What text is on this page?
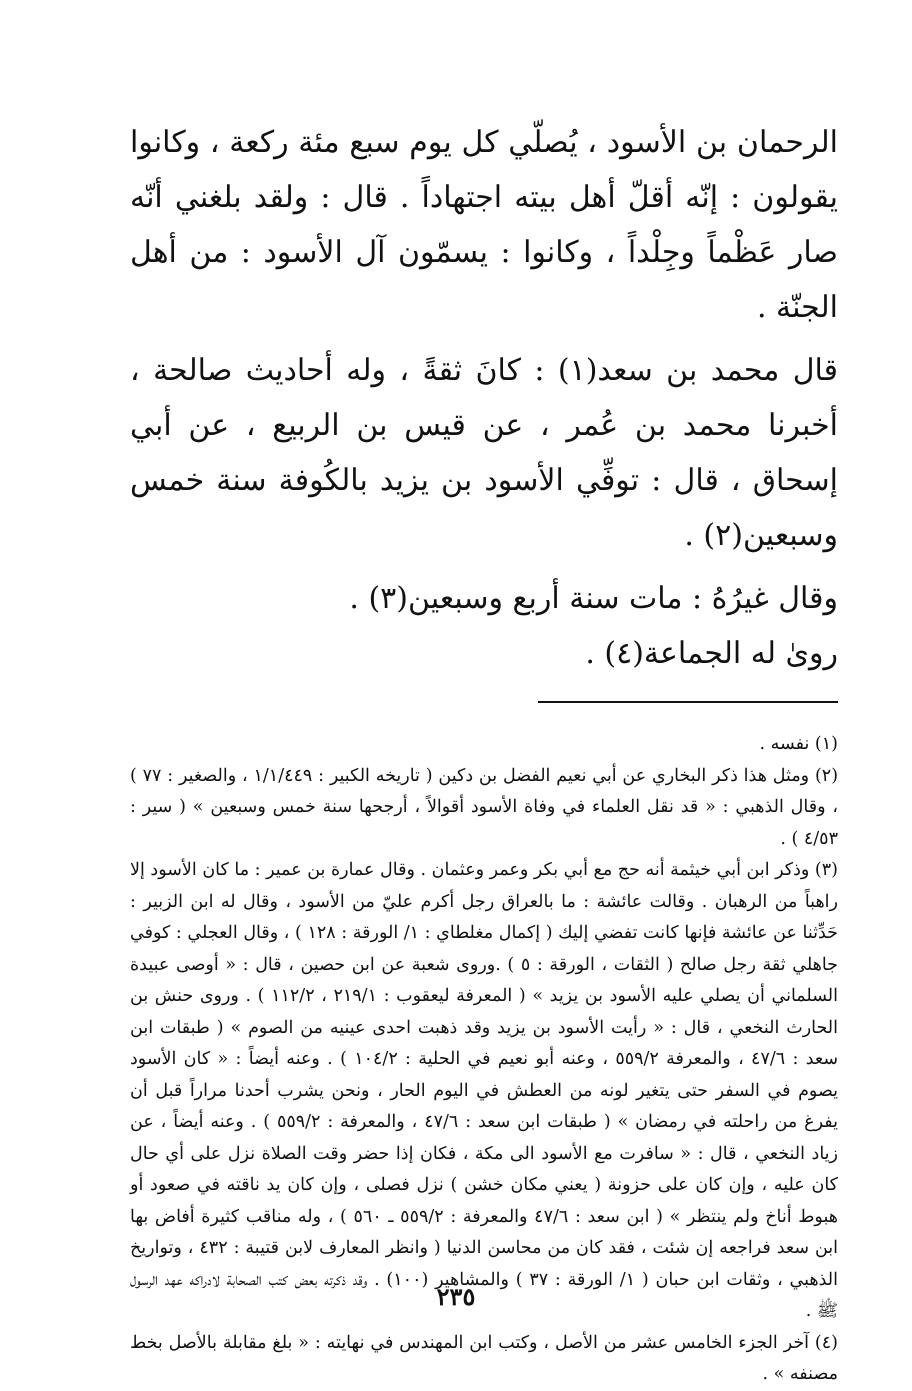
الرحمان بن الأسود ، يُصلّي كل يوم سبع مئة ركعة ، وكانوا يقولون : إنّه أقلّ أهل بيته اجتهاداً . قال : ولقد بلغني أنّه صار عَظْماً وجِلْداً ، وكانوا : يسمّون آل الأسود : من أهل الجنّة .

قال محمد بن سعد(١) : كانَ ثقةً ، وله أحاديث صالحة ، أخبرنا محمد بن عُمر ، عن قيس بن الربيع ، عن أبي إسحاق ، قال : توفِّي الأسود بن يزيد بالكُوفة سنة خمس وسبعين(٢) .

وقال غيرُهُ : مات سنة أربع وسبعين(٣) .

روىٰ له الجماعة(٤) .

(١) نفسه .

(٢) ومثل هذا ذكر البخاري عن أبي نعيم الفضل بن دكين ( تاريخه الكبير : ١/١/٤٤٩ ، والصغير : ٧٧ ) ، وقال الذهبي : « قد نقل العلماء في وفاة الأسود أقوالاً ، أرجحها سنة خمس وسبعين » ( سير : ٤/٥٣ ) .

(٣) وذكر ابن أبي خيثمة أنه حج مع أبي بكر وعمر وعثمان . وقال عمارة بن عمير : ما كان الأسود إلا راهباً من الرهبان . وقالت عائشة : ما بالعراق رجل أكرم عليّ من الأسود ، وقال له ابن الزبير : حَدِّثنا عن عائشة فإنها كانت تفضي إليك ( إكمال مغلطاي : ١/ الورقة : ١٢٨ ) ، وقال العجلي : كوفي جاهلي ثقة رجل صالح ( الثقات ، الورقة : ٥ ) .وروى شعبة عن ابن حصين ، قال : « أوصى عبيدة السلماني أن يصلي عليه الأسود بن يزيد » ( المعرفة ليعقوب : ٢١٩/١ ، ١١٢/٢ ) . وروى حنش بن الحارث النخعي ، قال : « رأيت الأسود بن يزيد وقد ذهبت احدى عينيه من الصوم » ( طبقات ابن سعد : ٤٧/٦ ، والمعرفة ٥٥٩/٢ ، وعنه أبو نعيم في الحلية : ١٠٤/٢ ) . وعنه أيضاً : « كان الأسود يصوم في السفر حتى يتغير لونه من العطش في اليوم الحار ، ونحن يشرب أحدنا مراراً قبل أن يفرغ من راحلته في رمضان » ( طبقات ابن سعد : ٤٧/٦ ، والمعرفة : ٥٥٩/٢ ) . وعنه أيضاً ، عن زياد النخعي ، قال : « سافرت مع الأسود الى مكة ، فكان إذا حضر وقت الصلاة نزل على أي حال كان عليه ، وإن كان على حزونة ( يعني مكان خشن ) نزل فصلى ، وإن كان يد ناقته في صعود أو هبوط أناخ ولم ينتظر » ( ابن سعد : ٤٧/٦ والمعرفة : ٥٥٩/٢ ـ ٥٦٠ ) ، وله مناقب كثيرة أفاض بها ابن سعد فراجعه إن شئت ، فقد كان من محاسن الدنيا ( وانظر المعارف لابن قتيبة : ٤٣٢ ، وتواريخ الذهبي ، وثقات ابن حبان ( ١/ الورقة : ٣٧ ) والمشاهير (١٠٠) . وقد ذكرته بعض كتب الصحابة لادراكه عهد الرسول ﷺ .

(٤) آخر الجزء الخامس عشر من الأصل ، وكتب ابن المهندس في نهايته : « بلغ مقابلة بالأصل بخط مصنفه » .

٢٣٥
